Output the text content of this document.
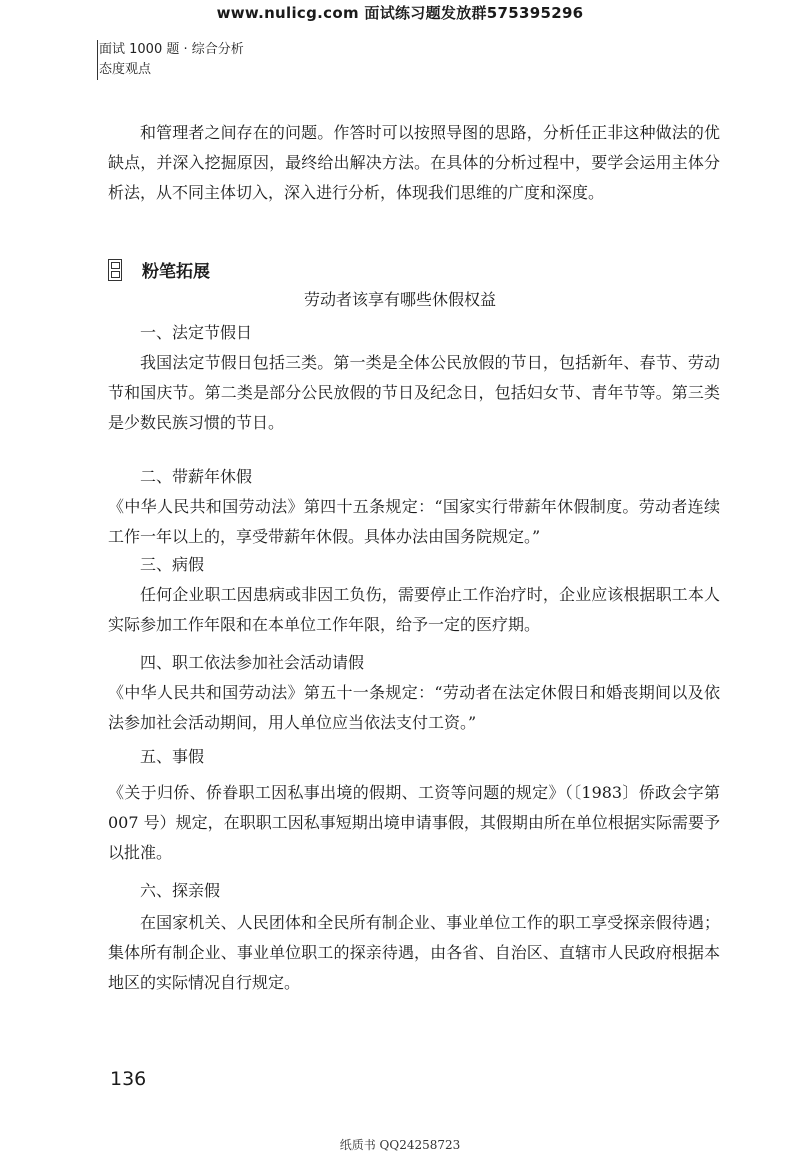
www.nulicg.com 面试练习题发放群575395296
面试 1000 题 · 综合分析
态度观点

和管理者之间存在的问题。作答时可以按照导图的思路，分析任正非这种做法的优缺点，并深入挖掘原因，最终给出解决方法。在具体的分析过程中，要学会运用主体分析法，从不同主体切入，深入进行分析，体现我们思维的广度和深度。

粉笔拓展
劳动者该享有哪些休假权益
一、法定节假日

我国法定节假日包括三类。第一类是全体公民放假的节日，包括新年、春节、劳动节和国庆节。第二类是部分公民放假的节日及纪念日，包括妇女节、青年节等。第三类是少数民族习惯的节日。

二、带薪年休假

《中华人民共和国劳动法》第四十五条规定：“国家实行带薪年休假制度。劳动者连续工作一年以上的，享受带薪年休假。具体办法由国务院规定。”

三、病假

任何企业职工因患病或非因工负伤，需要停止工作治疗时，企业应该根据职工本人实际参加工作年限和在本单位工作年限，给予一定的医疗期。

四、职工依法参加社会活动请假

《中华人民共和国劳动法》第五十一条规定：“劳动者在法定休假日和婚丧期间以及依法参加社会活动期间，用人单位应当依法支付工资。”

五、事假

《关于归侨、侨眷职工因私事出境的假期、工资等问题的规定》（〔1983〕侨政会字第 007 号）规定，在职职工因私事短期出境申请事假，其假期由所在单位根据实际需要予以批准。

六、探亲假

在国家机关、人民团体和全民所有制企业、事业单位工作的职工享受探亲假待遇；集体所有制企业、事业单位职工的探亲待遇，由各省、自治区、直辖市人民政府根据本地区的实际情况自行规定。

136
纸质书 QQ24258723
